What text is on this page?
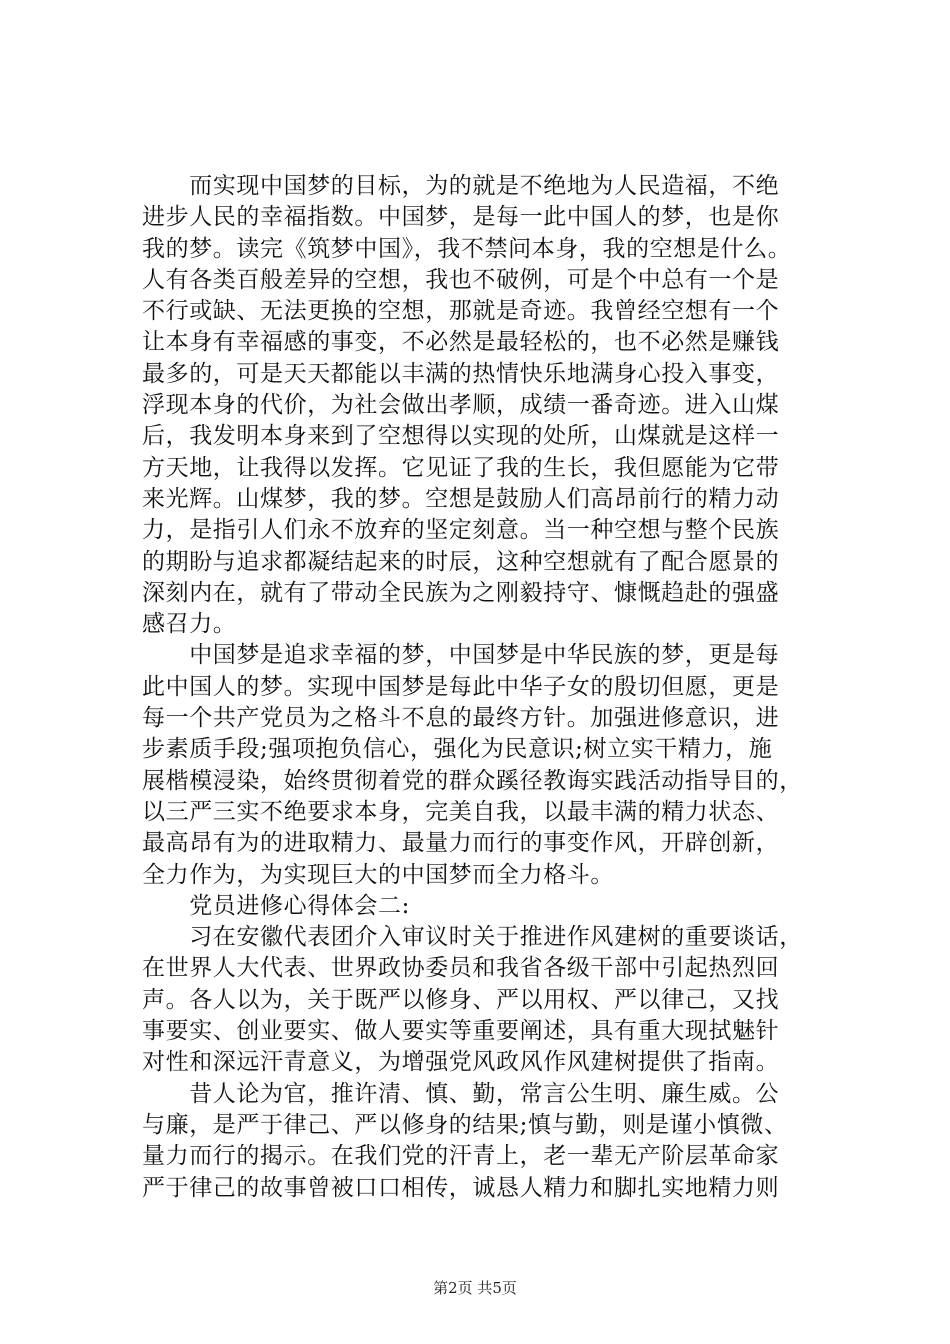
　　而实现中国梦的目标，为的就是不绝地为人民造福，不绝
进步人民的幸福指数。中国梦，是每一此中国人的梦，也是你
我的梦。读完《筑梦中国》，我不禁问本身，我的空想是什么。
人有各类百般差异的空想，我也不破例，可是个中总有一个是
不行或缺、无法更换的空想，那就是奇迹。我曾经空想有一个
让本身有幸福感的事变，不必然是最轻松的，也不必然是赚钱
最多的，可是天天都能以丰满的热情快乐地满身心投入事变，
浮现本身的代价，为社会做出孝顺，成绩一番奇迹。进入山煤
后，我发明本身来到了空想得以实现的处所，山煤就是这样一
方天地，让我得以发挥。它见证了我的生长，我但愿能为它带
来光辉。山煤梦，我的梦。空想是鼓励人们高昂前行的精力动
力，是指引人们永不放弃的坚定刻意。当一种空想与整个民族
的期盼与追求都凝结起来的时辰，这种空想就有了配合愿景的
深刻内在，就有了带动全民族为之刚毅持守、慷慨趋赴的强盛
感召力。
　　中国梦是追求幸福的梦，中国梦是中华民族的梦，更是每
此中国人的梦。实现中国梦是每此中华子女的殷切但愿，更是
每一个共产党员为之格斗不息的最终方针。加强进修意识，进
步素质手段;强项抱负信心，强化为民意识;树立实干精力，施
展楷模浸染，始终贯彻着党的群众蹊径教诲实践活动指导目的，
以三严三实不绝要求本身，完美自我，以最丰满的精力状态、
最高昂有为的进取精力、最量力而行的事变作风，开辟创新，
全力作为，为实现巨大的中国梦而全力格斗。
　　党员进修心得体会二:
　　习在安徽代表团介入审议时关于推进作风建树的重要谈话，
在世界人大代表、世界政协委员和我省各级干部中引起热烈回
声。各人以为，关于既严以修身、严以用权、严以律己，又找
事要实、创业要实、做人要实等重要阐述，具有重大现拭魅针
对性和深远汗青意义，为增强党风政风作风建树提供了指南。
　　昔人论为官，推许清、慎、勤，常言公生明、廉生威。公
与廉，是严于律己、严以修身的结果;慎与勤，则是谨小慎微、
量力而行的揭示。在我们党的汗青上，老一辈无产阶层革命家
严于律己的故事曾被口口相传，诚恳人精力和脚扎实地精力则
第2页 共5页
